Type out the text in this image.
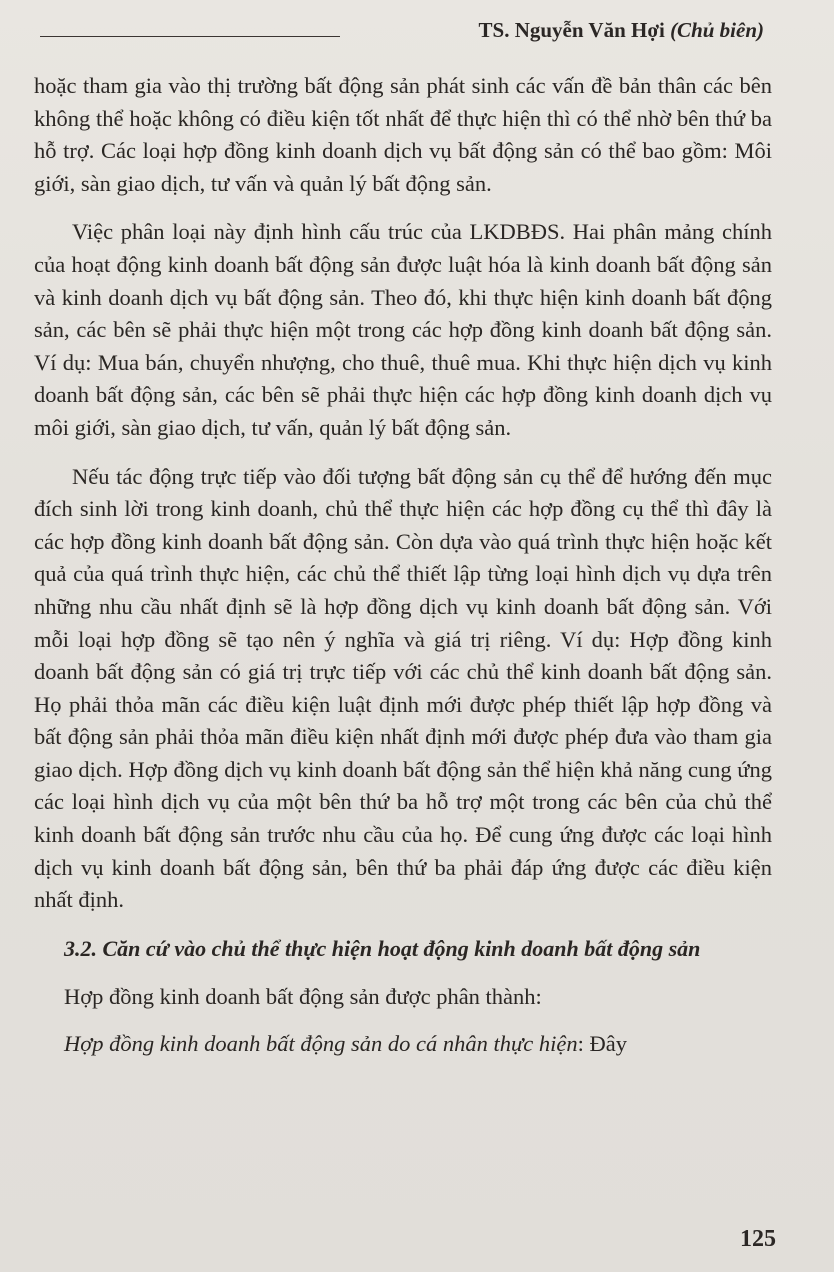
TS. Nguyễn Văn Hợi (Chủ biên)

hoặc tham gia vào thị trường bất động sản phát sinh các vấn đề bản thân các bên không thể hoặc không có điều kiện tốt nhất để thực hiện thì có thể nhờ bên thứ ba hỗ trợ. Các loại hợp đồng kinh doanh dịch vụ bất động sản có thể bao gồm: Môi giới, sàn giao dịch, tư vấn và quản lý bất động sản.

Việc phân loại này định hình cấu trúc của LKDBĐS. Hai phân mảng chính của hoạt động kinh doanh bất động sản được luật hóa là kinh doanh bất động sản và kinh doanh dịch vụ bất động sản. Theo đó, khi thực hiện kinh doanh bất động sản, các bên sẽ phải thực hiện một trong các hợp đồng kinh doanh bất động sản. Ví dụ: Mua bán, chuyển nhượng, cho thuê, thuê mua. Khi thực hiện dịch vụ kinh doanh bất động sản, các bên sẽ phải thực hiện các hợp đồng kinh doanh dịch vụ môi giới, sàn giao dịch, tư vấn, quản lý bất động sản.

Nếu tác động trực tiếp vào đối tượng bất động sản cụ thể để hướng đến mục đích sinh lời trong kinh doanh, chủ thể thực hiện các hợp đồng cụ thể thì đây là các hợp đồng kinh doanh bất động sản. Còn dựa vào quá trình thực hiện hoặc kết quả của quá trình thực hiện, các chủ thể thiết lập từng loại hình dịch vụ dựa trên những nhu cầu nhất định sẽ là hợp đồng dịch vụ kinh doanh bất động sản. Với mỗi loại hợp đồng sẽ tạo nên ý nghĩa và giá trị riêng. Ví dụ: Hợp đồng kinh doanh bất động sản có giá trị trực tiếp với các chủ thể kinh doanh bất động sản. Họ phải thỏa mãn các điều kiện luật định mới được phép thiết lập hợp đồng và bất động sản phải thỏa mãn điều kiện nhất định mới được phép đưa vào tham gia giao dịch. Hợp đồng dịch vụ kinh doanh bất động sản thể hiện khả năng cung ứng các loại hình dịch vụ của một bên thứ ba hỗ trợ một trong các bên của chủ thể kinh doanh bất động sản trước nhu cầu của họ. Để cung ứng được các loại hình dịch vụ kinh doanh bất động sản, bên thứ ba phải đáp ứng được các điều kiện nhất định.

3.2. Căn cứ vào chủ thể thực hiện hoạt động kinh doanh bất động sản

Hợp đồng kinh doanh bất động sản được phân thành:

Hợp đồng kinh doanh bất động sản do cá nhân thực hiện: Đây

125
